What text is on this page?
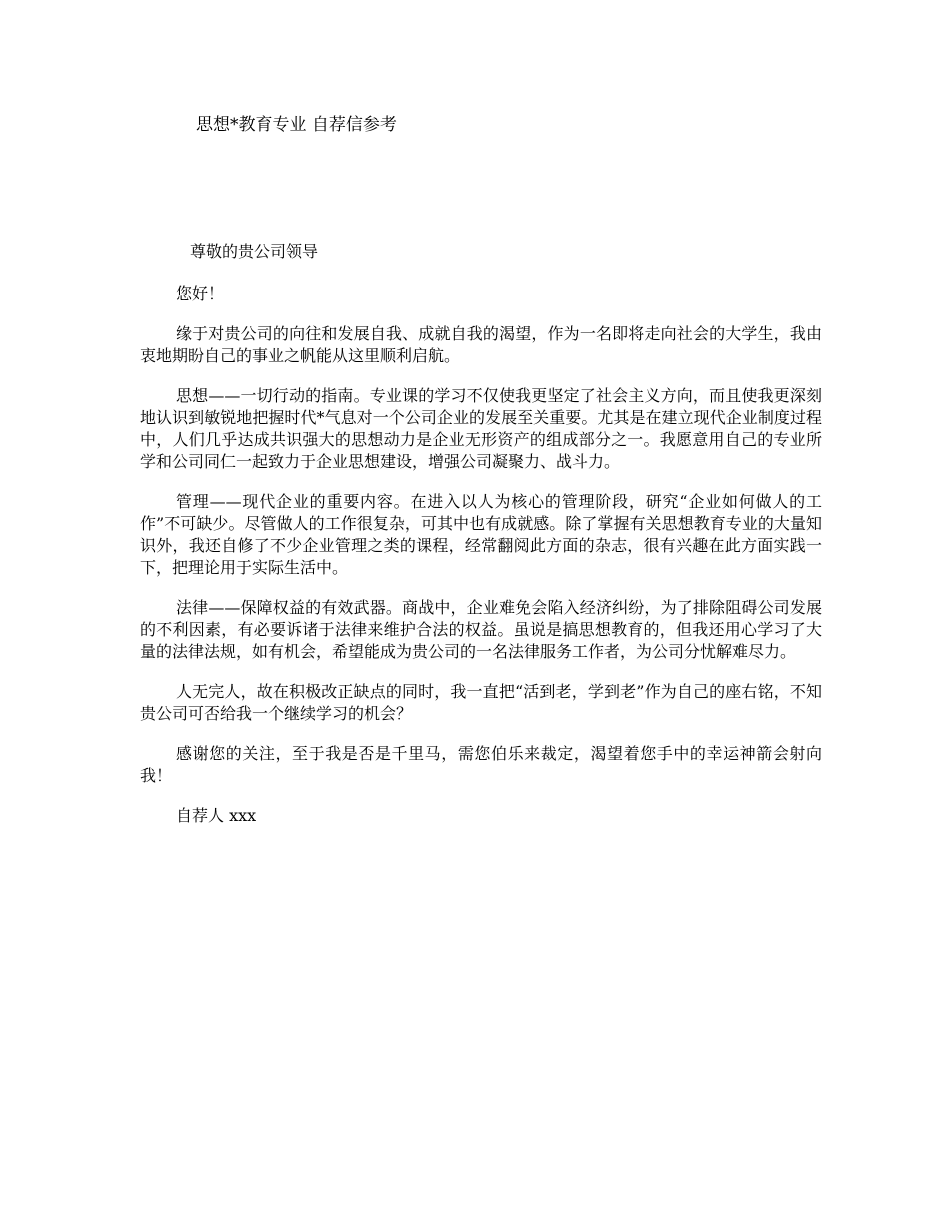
思想*教育专业 自荐信参考
尊敬的贵公司领导

您好！

缘于对贵公司的向往和发展自我、成就自我的渴望，作为一名即将走向社会的大学生，我由衷地期盼自己的事业之帆能从这里顺利启航。

思想——一切行动的指南。专业课的学习不仅使我更坚定了社会主义方向，而且使我更深刻地认识到敏锐地把握时代*气息对一个公司企业的发展至关重要。尤其是在建立现代企业制度过程中，人们几乎达成共识强大的思想动力是企业无形资产的组成部分之一。我愿意用自己的专业所学和公司同仁一起致力于企业思想建设，增强公司凝聚力、战斗力。

管理——现代企业的重要内容。在进入以人为核心的管理阶段，研究“企业如何做人的工作”不可缺少。尽管做人的工作很复杂，可其中也有成就感。除了掌握有关思想教育专业的大量知识外，我还自修了不少企业管理之类的课程，经常翻阅此方面的杂志，很有兴趣在此方面实践一下，把理论用于实际生活中。

法律——保障权益的有效武器。商战中，企业难免会陷入经济纠纷，为了排除阻碍公司发展的不利因素，有必要诉诸于法律来维护合法的权益。虽说是搞思想教育的，但我还用心学习了大量的法律法规，如有机会，希望能成为贵公司的一名法律服务工作者，为公司分忧解难尽力。

人无完人，故在积极改正缺点的同时，我一直把“活到老，学到老”作为自己的座右铭，不知贵公司可否给我一个继续学习的机会？

感谢您的关注，至于我是否是千里马，需您伯乐来裁定，渴望着您手中的幸运神箭会射向我！

自荐人 xxx
